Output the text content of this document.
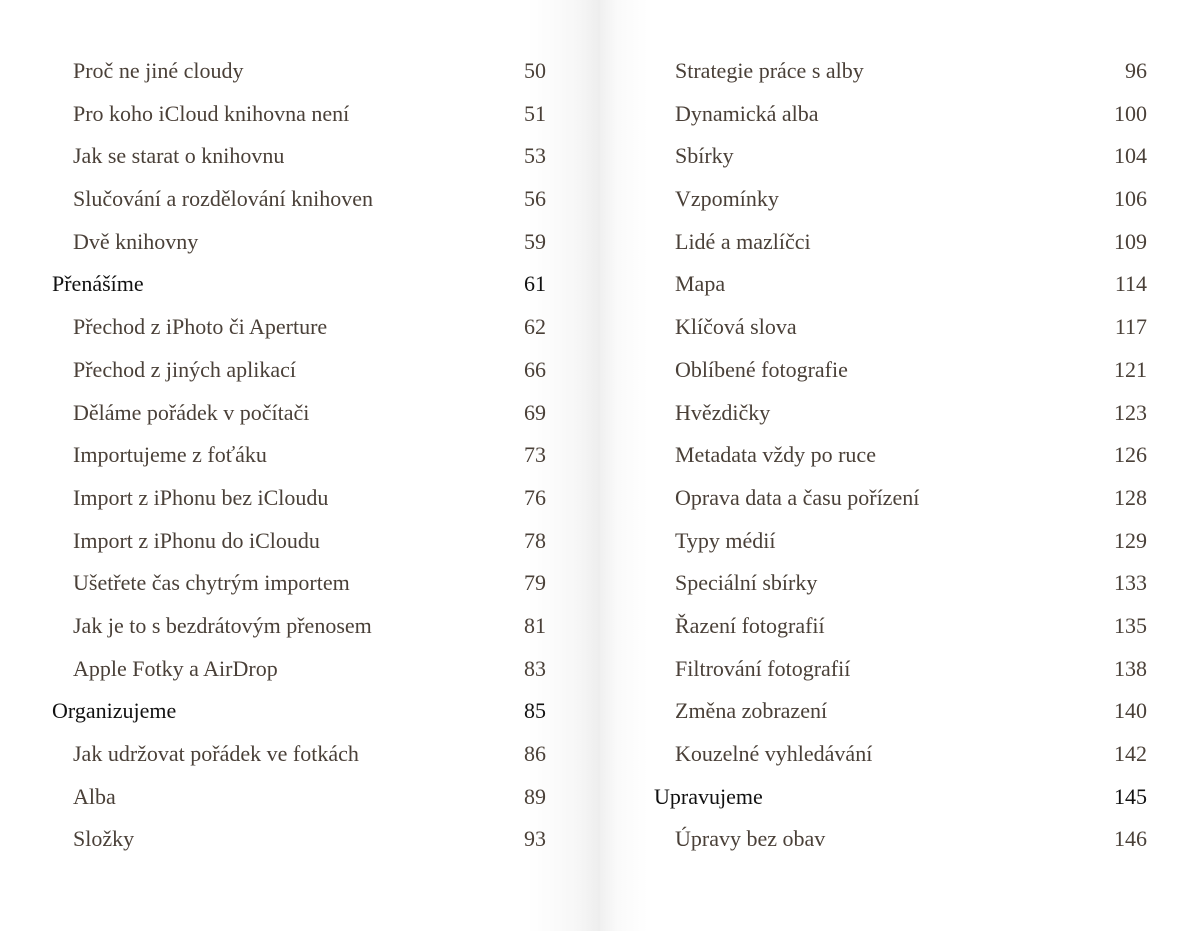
Proč ne jiné cloudy	50
Pro koho iCloud knihovna není	51
Jak se starat o knihovnu	53
Slučování a rozdělování knihoven	56
Dvě knihovny	59
Přenášíme	61
Přechod z iPhoto či Aperture	62
Přechod z jiných aplikací	66
Děláme pořádek v počítači	69
Importujeme z foťáku	73
Import z iPhonu bez iCloudu	76
Import z iPhonu do iCloudu	78
Ušetřete čas chytrým importem	79
Jak je to s bezdrátovým přenosem	81
Apple Fotky a AirDrop	83
Organizujeme	85
Jak udržovat pořádek ve fotkách	86
Alba	89
Složky	93
Strategie práce s alby	96
Dynamická alba	100
Sbírky	104
Vzpomínky	106
Lidé a mazlíčci	109
Mapa	114
Klíčová slova	117
Oblíbené fotografie	121
Hvězdičky	123
Metadata vždy po ruce	126
Oprava data a času pořízení	128
Typy médií	129
Speciální sbírky	133
Řazení fotografií	135
Filtrování fotografií	138
Změna zobrazení	140
Kouzelné vyhledávání	142
Upravujeme	145
Úpravy bez obav	146
